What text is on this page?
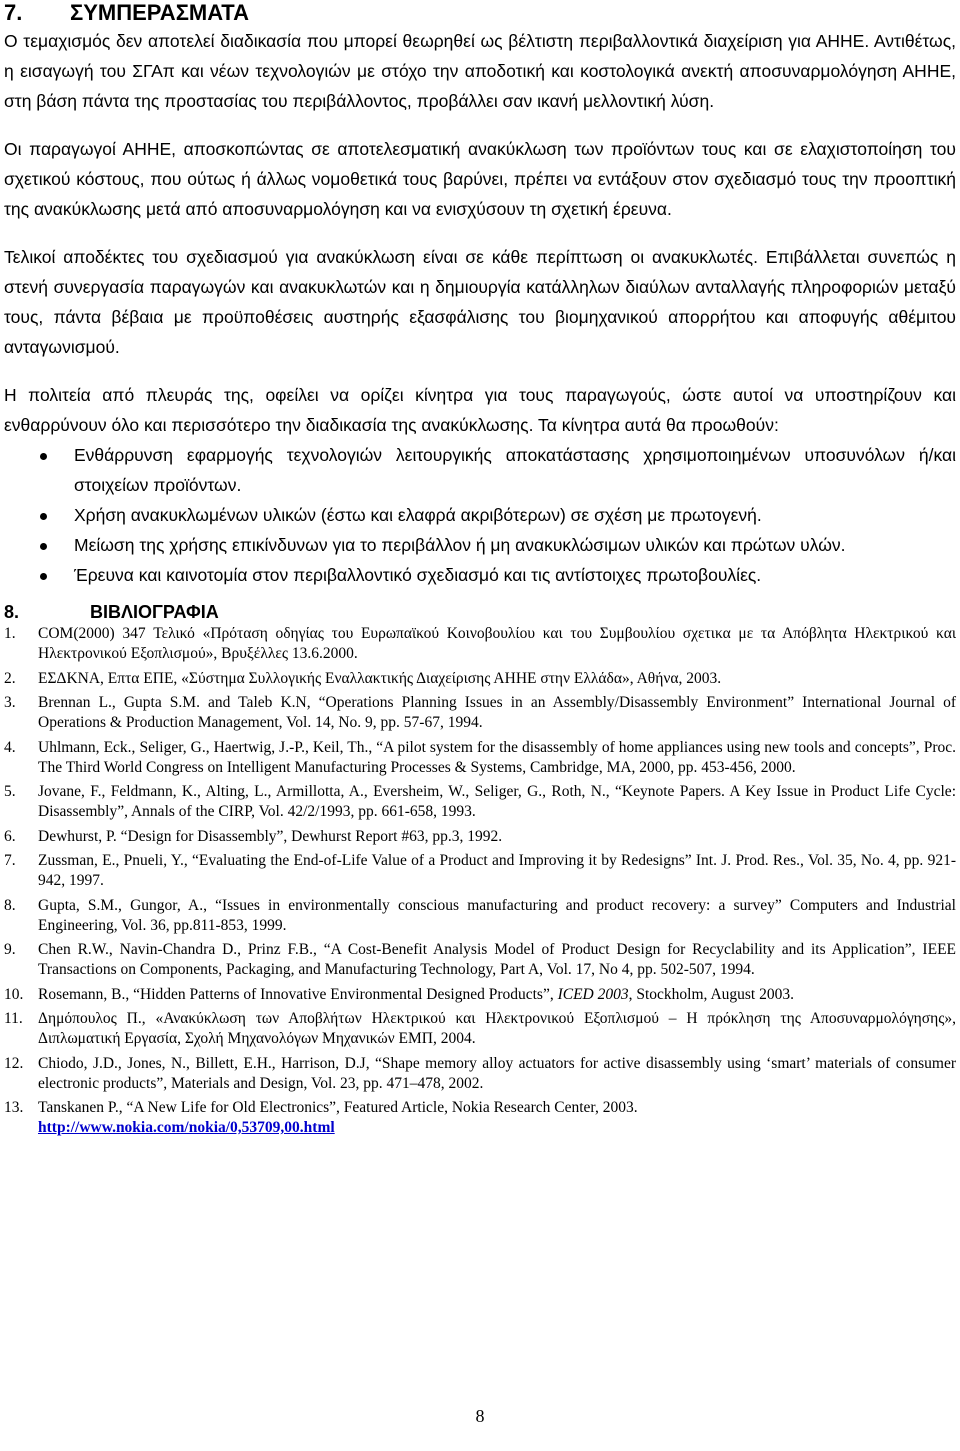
7.	ΣΥΜΠΕΡΑΣΜΑΤΑ

Ο τεμαχισμός δεν αποτελεί διαδικασία που μπορεί θεωρηθεί ως βέλτιστη περιβαλλοντικά διαχείριση για ΑΗΗΕ. Αντιθέτως, η εισαγωγή του ΣΓΑπ και νέων τεχνολογιών με στόχο την αποδοτική και κοστολογικά ανεκτή αποσυναρμολόγηση ΑΗΗΕ, στη βάση πάντα της προστασίας του περιβάλλοντος, προβάλλει σαν ικανή μελλοντική λύση.

Οι παραγωγοί ΑΗΗΕ, αποσκοπώντας σε αποτελεσματική ανακύκλωση των προϊόντων τους και σε ελαχιστοποίηση του σχετικού κόστους, που ούτως ή άλλως νομοθετικά τους βαρύνει, πρέπει να εντάξουν στον σχεδιασμό τους την προοπτική της ανακύκλωσης μετά από αποσυναρμολόγηση και να ενισχύσουν τη σχετική έρευνα.

Τελικοί αποδέκτες του σχεδιασμού για ανακύκλωση είναι σε κάθε περίπτωση οι ανακυκλωτές. Επιβάλλεται συνεπώς η στενή συνεργασία παραγωγών και ανακυκλωτών και η δημιουργία κατάλληλων διαύλων ανταλλαγής πληροφοριών μεταξύ τους, πάντα βέβαια με προϋποθέσεις αυστηρής εξασφάλισης του βιομηχανικού απορρήτου και αποφυγής αθέμιτου ανταγωνισμού.

Η πολιτεία από πλευράς της, οφείλει να ορίζει κίνητρα για τους παραγωγούς, ώστε αυτοί να υποστηρίζουν και ενθαρρύνουν όλο και περισσότερο την διαδικασία της ανακύκλωσης. Τα κίνητρα αυτά θα προωθούν:

Ενθάρρυνση εφαρμογής τεχνολογιών λειτουργικής αποκατάστασης χρησιμοποιημένων υποσυνόλων ή/και στοιχείων προϊόντων.
Χρήση ανακυκλωμένων υλικών (έστω και ελαφρά ακριβότερων) σε σχέση με πρωτογενή.
Μείωση της χρήσης επικίνδυνων για το περιβάλλον ή μη ανακυκλώσιμων υλικών και πρώτων υλών.
Έρευνα και καινοτομία στον περιβαλλοντικό σχεδιασμό και τις αντίστοιχες πρωτοβουλίες.
8.	ΒΙΒΛΙΟΓΡΑΦΙΑ
1.	COM(2000) 347 Τελικό «Πρόταση οδηγίας του Ευρωπαϊκού Κοινοβουλίου και του Συμβουλίου σχετικα με τα Απόβλητα Ηλεκτρικού και Ηλεκτρονικού Εξοπλισμού», Βρυξέλλες 13.6.2000.
2.	ΕΣΔΚΝΑ, Επτα ΕΠΕ, «Σύστημα Συλλογικής Εναλλακτικής Διαχείρισης ΑΗΗΕ στην Ελλάδα», Αθήνα, 2003.
3.	Brennan L., Gupta S.M. and Taleb K.N, “Operations Planning Issues in an Assembly/Disassembly Environment” International Journal of Operations & Production Management, Vol. 14, No. 9, pp. 57-67, 1994.
4.	Uhlmann, Eck., Seliger, G., Haertwig, J.-P., Keil, Th., “A pilot system for the disassembly of home appliances using new tools and concepts”, Proc. The Third World Congress on Intelligent Manufacturing Processes & Systems, Cambridge, MA, 2000, pp. 453-456, 2000.
5.	Jovane, F., Feldmann, K., Alting, L., Armillotta, A., Eversheim, W., Seliger, G., Roth, N., “Keynote Papers. A Key Issue in Product Life Cycle: Disassembly”, Annals of the CIRP, Vol. 42/2/1993, pp. 661-658, 1993.
6.	Dewhurst, P. “Design for Disassembly”, Dewhurst Report #63, pp.3, 1992.
7.	Zussman, E., Pnueli, Y., “Evaluating the End-of-Life Value of a Product and Improving it by Redesigns” Int. J. Prod. Res., Vol. 35, No. 4, pp. 921-942, 1997.
8.	Gupta, S.M., Gungor, A., “Issues in environmentally conscious manufacturing and product recovery: a survey” Computers and Industrial Engineering, Vol. 36, pp.811-853, 1999.
9.	Chen R.W., Navin-Chandra D., Prinz F.B., “A Cost-Benefit Analysis Model of Product Design for Recyclability and its Application”, IEEE Transactions on Components, Packaging, and Manufacturing Technology, Part A, Vol. 17, No 4, pp. 502-507, 1994.
10. Rosemann, B., “Hidden Patterns of Innovative Environmental Designed Products”, ICED 2003, Stockholm, August 2003.
11. Δημόπουλος Π., «Ανακύκλωση των Αποβλήτων Ηλεκτρικού και Ηλεκτρονικού Εξοπλισμού – Η πρόκληση της Αποσυναρμολόγησης», Διπλωματική Εργασία, Σχολή Μηχανολόγων Μηχανικών ΕΜΠ, 2004.
12. Chiodo, J.D., Jones, N., Billett, E.H., Harrison, D.J, “Shape memory alloy actuators for active disassembly using ‘smart’ materials of consumer electronic products”, Materials and Design, Vol. 23, pp. 471–478, 2002.
13. Tanskanen P., “A New Life for Old Electronics”, Featured Article, Nokia Research Center, 2003.
http://www.nokia.com/nokia/0,53709,00.html
8
